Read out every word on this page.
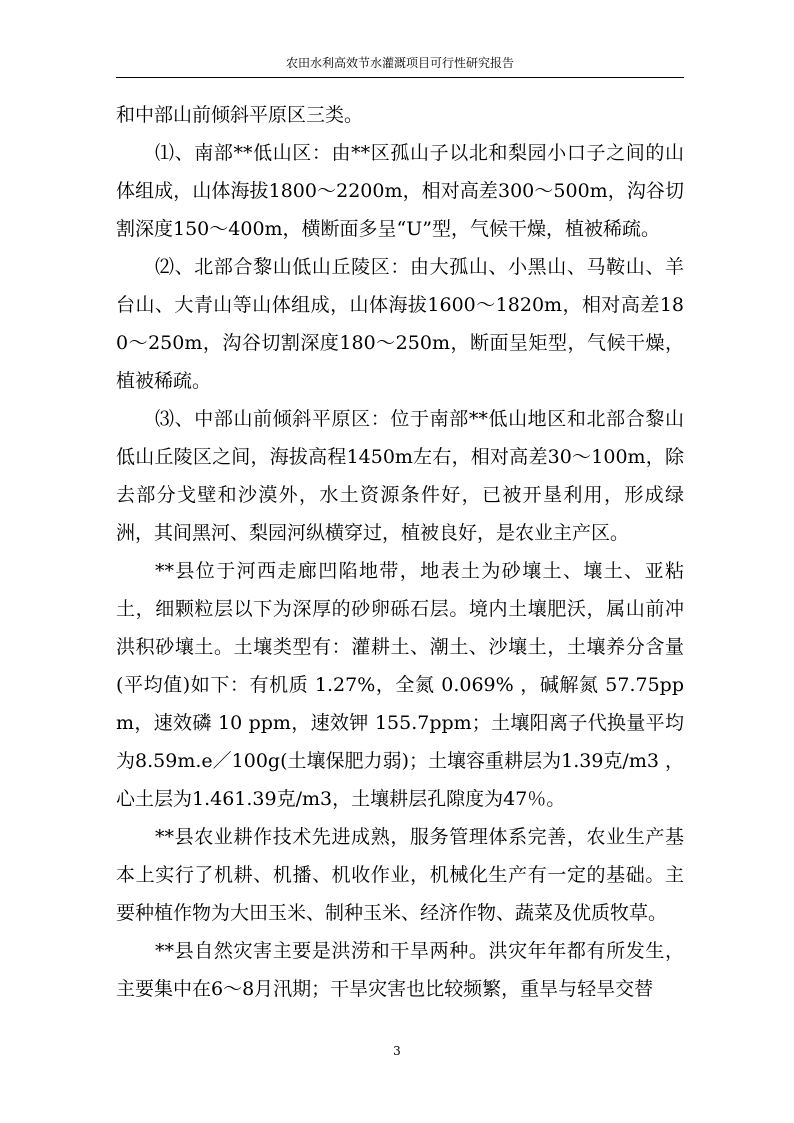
农田水利高效节水灌溉项目可行性研究报告

和中部山前倾斜平原区三类。

⑴、南部**低山区：由**区孤山子以北和梨园小口子之间的山体组成，山体海拔1800～2200m，相对高差300～500m，沟谷切割深度150～400m，横断面多呈“U”型，气候干燥，植被稀疏。

⑵、北部合黎山低山丘陵区：由大孤山、小黑山、马鞍山、羊台山、大青山等山体组成，山体海拔1600～1820m，相对高差180～250m，沟谷切割深度180～250m，断面呈矩型，气候干燥，植被稀疏。

⑶、中部山前倾斜平原区：位于南部**低山地区和北部合黎山低山丘陵区之间，海拔高程1450m左右，相对高差30～100m，除去部分戈壁和沙漠外，水土资源条件好，已被开垦利用，形成绿洲，其间黑河、梨园河纵横穿过，植被良好，是农业主产区。

**县位于河西走廊凹陷地带，地表土为砂壤土、壤土、亚粘土，细颗粒层以下为深厚的砂卵砾石层。境内土壤肥沃，属山前冲洪积砂壤土。土壤类型有：灌耕土、潮土、沙壤土，土壤养分含量(平均值)如下：有机质 1.27%，全氮 0.069% ，碱解氮 57.75ppm，速效磷 10 ppm，速效钾 155.7ppm；土壤阳离子代换量平均为8.59m.e／100g(土壤保肥力弱)；土壤容重耕层为1.39克/m3 ，心土层为1.461.39克/m3，土壤耕层孔隙度为47％。

**县农业耕作技术先进成熟，服务管理体系完善，农业生产基本上实行了机耕、机播、机收作业，机械化生产有一定的基础。主要种植作物为大田玉米、制种玉米、经济作物、蔬菜及优质牧草。

**县自然灾害主要是洪涝和干旱两种。洪灾年年都有所发生，主要集中在6～8月汛期；干旱灾害也比较频繁，重旱与轻旱交替

3
